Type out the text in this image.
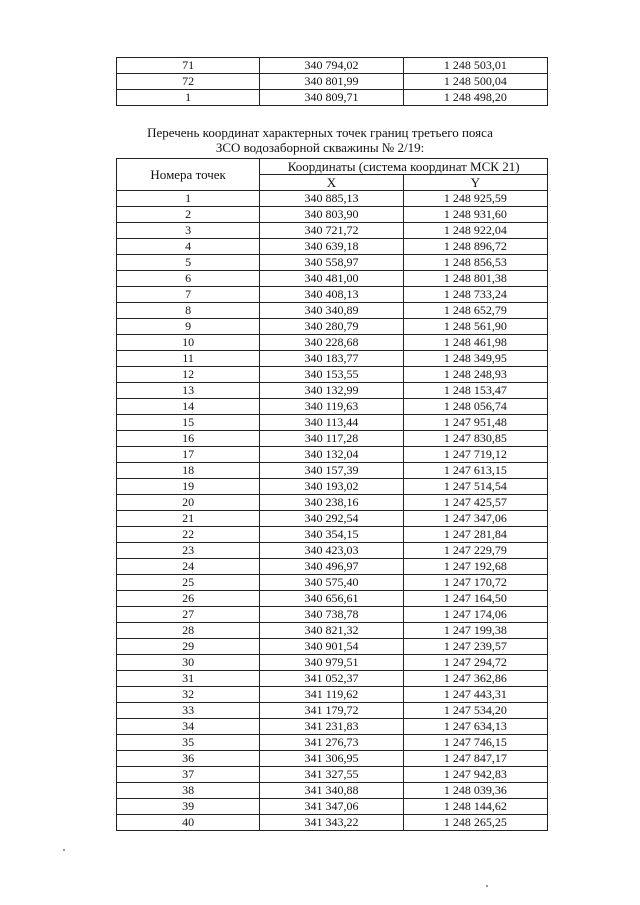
71	340 794,02	1 248 503,01
72	340 801,99	1 248 500,04
1	340 809,71	1 248 498,20
Перечень координат характерных точек границ третьего пояса
ЗСО водозаборной скважины № 2/19:
Номера точек	Координаты (система координат МСК 21)	
	X	Y
1	340 885,13	1 248 925,59
2	340 803,90	1 248 931,60
3	340 721,72	1 248 922,04
4	340 639,18	1 248 896,72
5	340 558,97	1 248 856,53
6	340 481,00	1 248 801,38
7	340 408,13	1 248 733,24
8	340 340,89	1 248 652,79
9	340 280,79	1 248 561,90
10	340 228,68	1 248 461,98
11	340 183,77	1 248 349,95
12	340 153,55	1 248 248,93
13	340 132,99	1 248 153,47
14	340 119,63	1 248 056,74
15	340 113,44	1 247 951,48
16	340 117,28	1 247 830,85
17	340 132,04	1 247 719,12
18	340 157,39	1 247 613,15
19	340 193,02	1 247 514,54
20	340 238,16	1 247 425,57
21	340 292,54	1 247 347,06
22	340 354,15	1 247 281,84
23	340 423,03	1 247 229,79
24	340 496,97	1 247 192,68
25	340 575,40	1 247 170,72
26	340 656,61	1 247 164,50
27	340 738,78	1 247 174,06
28	340 821,32	1 247 199,38
29	340 901,54	1 247 239,57
30	340 979,51	1 247 294,72
31	341 052,37	1 247 362,86
32	341 119,62	1 247 443,31
33	341 179,72	1 247 534,20
34	341 231,83	1 247 634,13
35	341 276,73	1 247 746,15
36	341 306,95	1 247 847,17
37	341 327,55	1 247 942,83
38	341 340,88	1 248 039,36
39	341 347,06	1 248 144,62
40	341 343,22	1 248 265,25
